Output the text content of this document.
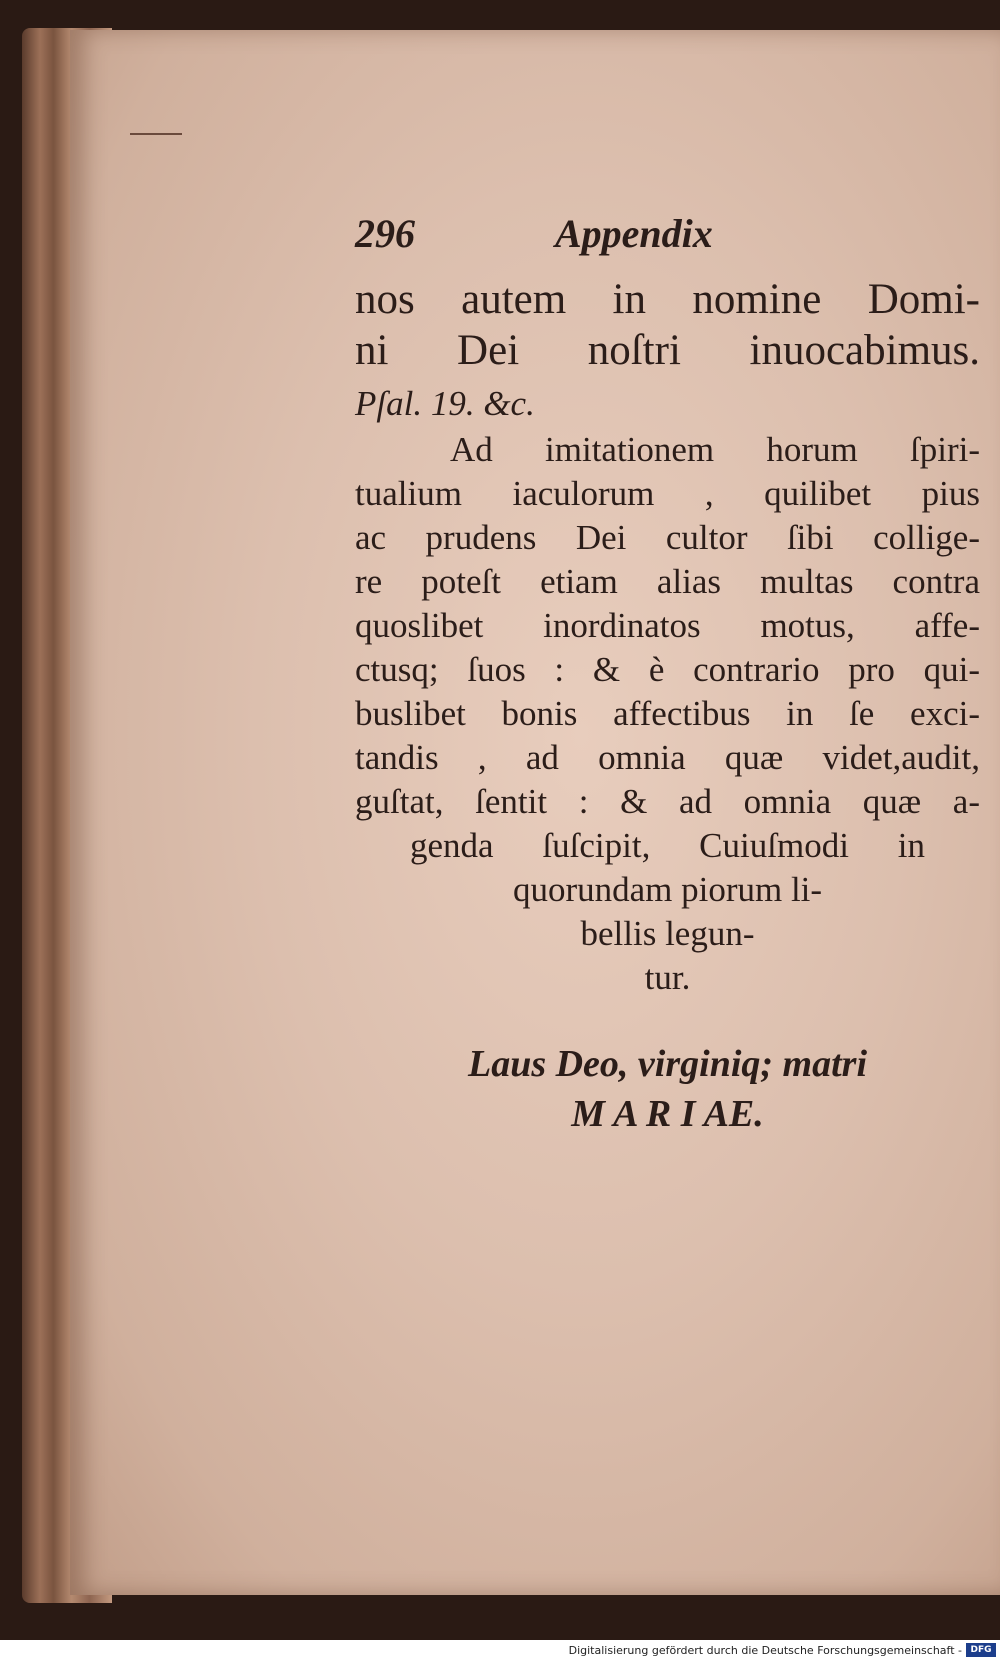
296	Appendix
nos autem in nomine Domi-
ni Dei noſtri inuocabimus.
Pſal. 19. &c.
Ad imitationem horum ſpiri-
tualium iaculorum , quilibet pius
ac prudens Dei cultor ſibi collige-
re poteſt etiam alias multas contra
quoslibet inordinatos motus, affe-
ctusq; ſuos : & è contrario pro qui-
buslibet bonis affectibus in ſe exci-
tandis , ad omnia quæ videt,audit,
guſtat, ſentit : & ad omnia quæ a-
genda ſuſcipit, Cuiuſmodi in
quorundam piorum li-
bellis legun-
tur.
Laus Deo, virginiq; matri
M A R I AE.
Digitalisierung gefördert durch die Deutsche Forschungsgemeinschaft - DFG
